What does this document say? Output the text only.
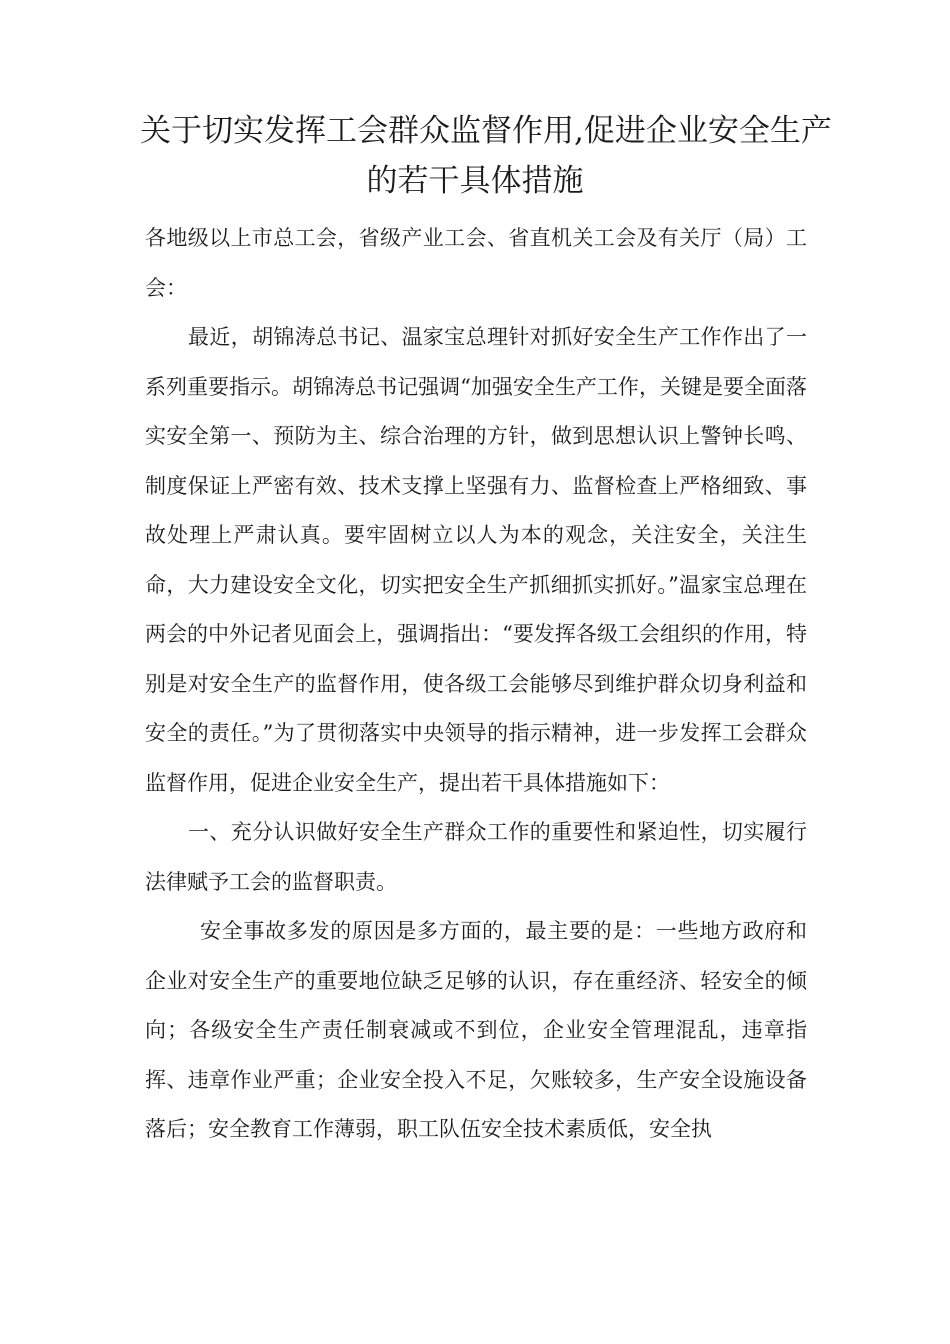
关于切实发挥工会群众监督作用,促进企业安全生产
的若干具体措施

各地级以上市总工会，省级产业工会、省直机关工会及有关厅（局）工会：

最近，胡锦涛总书记、温家宝总理针对抓好安全生产工作作出了一系列重要指示。胡锦涛总书记强调“加强安全生产工作，关键是要全面落实安全第一、预防为主、综合治理的方针，做到思想认识上警钟长鸣、制度保证上严密有效、技术支撑上坚强有力、监督检查上严格细致、事故处理上严肃认真。要牢固树立以人为本的观念，关注安全，关注生命，大力建设安全文化，切实把安全生产抓细抓实抓好。”温家宝总理在两会的中外记者见面会上，强调指出：“要发挥各级工会组织的作用，特别是对安全生产的监督作用，使各级工会能够尽到维护群众切身利益和安全的责任。”为了贯彻落实中央领导的指示精神，进一步发挥工会群众监督作用，促进企业安全生产，提出若干具体措施如下：

一、充分认识做好安全生产群众工作的重要性和紧迫性，切实履行法律赋予工会的监督职责。

安全事故多发的原因是多方面的，最主要的是：一些地方政府和企业对安全生产的重要地位缺乏足够的认识，存在重经济、轻安全的倾向；各级安全生产责任制衰减或不到位，企业安全管理混乱，违章指挥、违章作业严重；企业安全投入不足，欠账较多，生产安全设施设备落后；安全教育工作薄弱，职工队伍安全技术素质低，安全执
